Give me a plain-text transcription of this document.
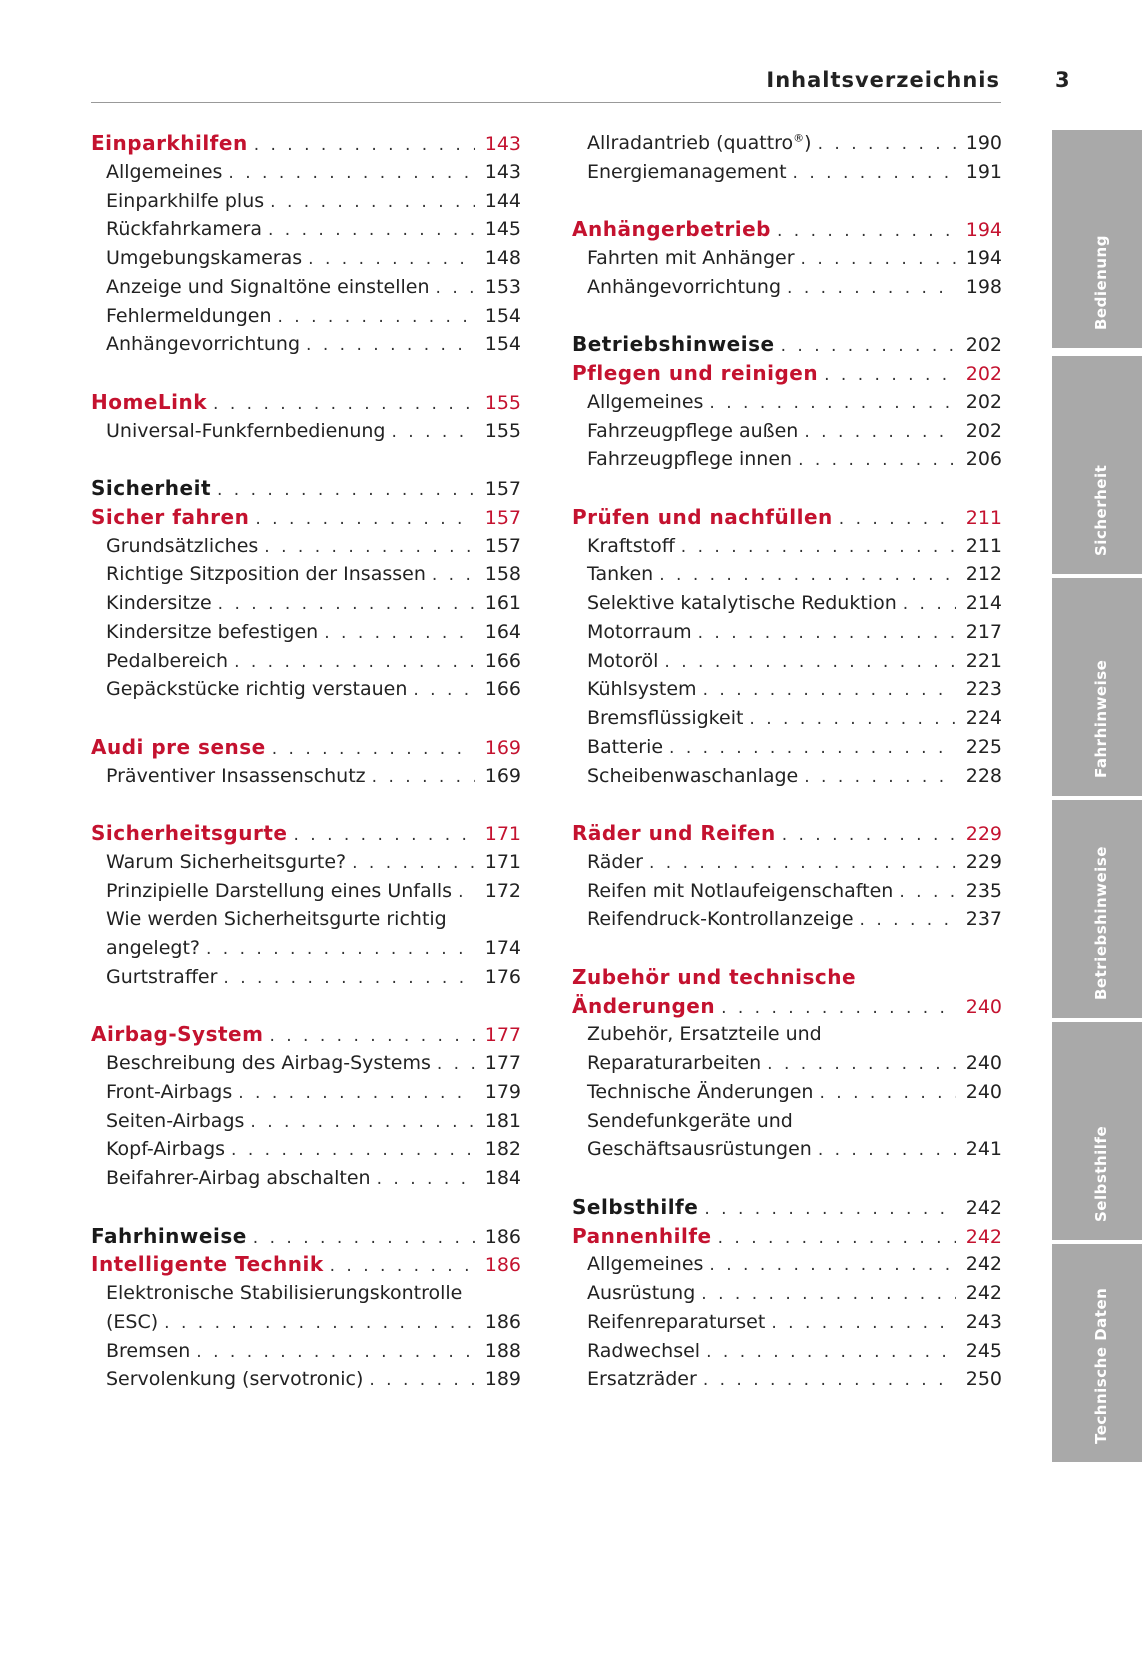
Inhaltsverzeichnis	3
Einparkhilfen . . .	143
Allgemeines . . .	143
Einparkhilfe plus . . .	144
Rückfahrkamera . . .	145
Umgebungskameras . . .	148
Anzeige und Signaltöne einstellen . . .	153
Fehlermeldungen . . .	154
Anhängevorrichtung . . .	154
HomeLink . . .	155
Universal-Funkfernbedienung . . .	155
Sicherheit . . .	157
Sicher fahren . . .	157
Grundsätzliches . . .	157
Richtige Sitzposition der Insassen . . .	158
Kindersitze . . .	161
Kindersitze befestigen . . .	164
Pedalbereich . . .	166
Gepäckstücke richtig verstauen . . .	166
Audi pre sense . . .	169
Präventiver Insassenschutz . . .	169
Sicherheitsgurte . . .	171
Warum Sicherheitsgurte? . . .	171
Prinzipielle Darstellung eines Unfalls . . . 172
Wie werden Sicherheitsgurte richtig
angelegt? . . .	174
Gurtstraffer . . .	176
Airbag-System . . .	177
Beschreibung des Airbag-Systems . . .	177
Front-Airbags . . .	179
Seiten-Airbags . . .	181
Kopf-Airbags . . .	182
Beifahrer-Airbag abschalten . . .	184
Fahrhinweise . . .	186
Intelligente Technik . . .	186
Elektronische Stabilisierungskontrolle
(ESC) . . .	186
Bremsen . . .	188
Servolenkung (servotronic) . . .	189
Allradantrieb (quattro®) . . .	190
Energiemanagement . . .	191
Anhängerbetrieb . . .	194
Fahrten mit Anhänger . . .	194
Anhängevorrichtung . . .	198
Betriebshinweise . . .	202
Pflegen und reinigen . . .	202
Allgemeines . . .	202
Fahrzeugpflege außen . . .	202
Fahrzeugpflege innen . . .	206
Prüfen und nachfüllen . . .	211
Kraftstoff . . .	211
Tanken . . .	212
Selektive katalytische Reduktion . . .	214
Motorraum . . .	217
Motoröl . . .	221
Kühlsystem . . .	223
Bremsflüssigkeit . . .	224
Batterie . . .	225
Scheibenwaschanlage . . .	228
Räder und Reifen . . .	229
Räder . . .	229
Reifen mit Notlaufeigenschaften . . .	235
Reifendruck-Kontrollanzeige . . .	237
Zubehör und technische
Änderungen . . .	240
Zubehör, Ersatzteile und
Reparaturarbeiten . . .	240
Technische Änderungen . . .	240
Sendefunkgeräte und
Geschäftsausrüstungen . . .	241
Selbsthilfe . . .	242
Pannenhilfe . . .	242
Allgemeines . . .	242
Ausrüstung . . .	242
Reifenreparaturset . . .	243
Radwechsel . . .	245
Ersatzräder . . .	250
Bedienung
Sicherheit
Fahrhinweise
Betriebshinweise
Selbsthilfe
Technische Daten
